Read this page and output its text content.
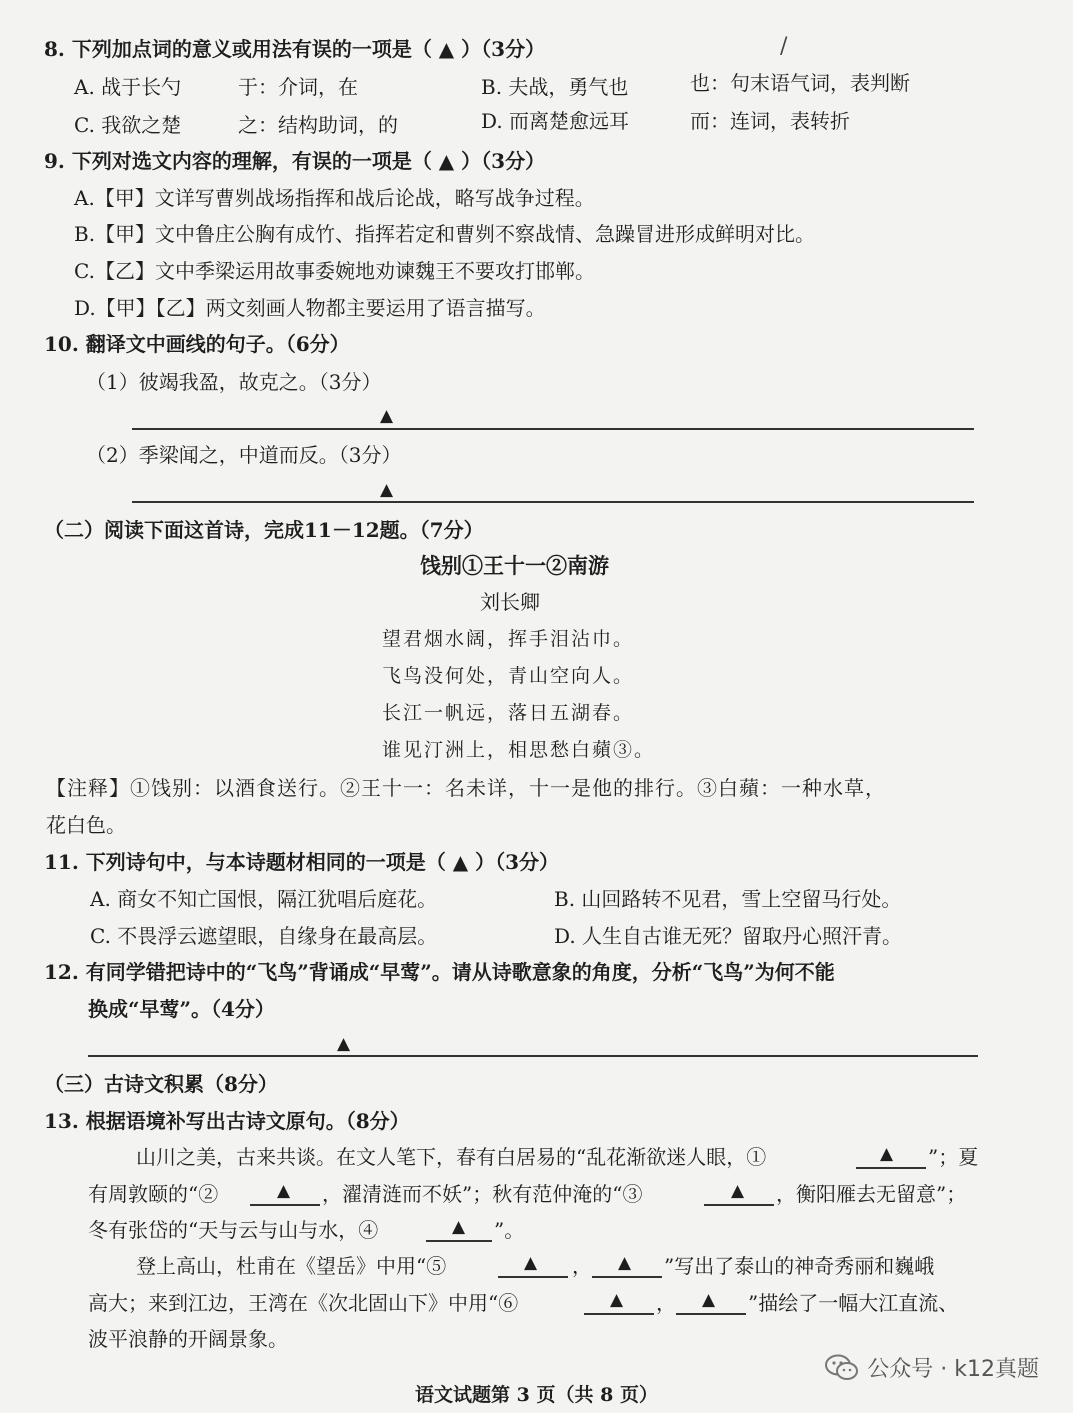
/
8. 下列加点词的意义或用法有误的一项是（ ▲ ）（3分）
A. 战于长勺	于：介词，在	B. 夫战，勇气也	也：句末语气词，表判断
C. 我欲之楚	之：结构助词，的	D. 而离楚愈远耳	而：连词，表转折
9. 下列对选文内容的理解，有误的一项是（ ▲ ）（3分）
A.【甲】文详写曹刿战场指挥和战后论战，略写战争过程。
B.【甲】文中鲁庄公胸有成竹、指挥若定和曹刿不察战情、急躁冒进形成鲜明对比。
C.【乙】文中季梁运用故事委婉地劝谏魏王不要攻打邯郸。
D.【甲】【乙】两文刻画人物都主要运用了语言描写。
10. 翻译文中画线的句子。（6分）
（1）彼竭我盈，故克之。（3分）
▲
（2）季梁闻之，中道而反。（3分）
▲
（二）阅读下面这首诗，完成11－12题。（7分）
饯别①王十一②南游
刘长卿
望君烟水阔，挥手泪沾巾。
飞鸟没何处，青山空向人。
长江一帆远，落日五湖春。
谁见汀洲上，相思愁白蘋③。
【注释】①饯别：以酒食送行。②王十一：名未详，十一是他的排行。③白蘋：一种水草，
花白色。
11. 下列诗句中，与本诗题材相同的一项是（ ▲ ）（3分）
A. 商女不知亡国恨，隔江犹唱后庭花。	B. 山回路转不见君，雪上空留马行处。
C. 不畏浮云遮望眼，自缘身在最高层。	D. 人生自古谁无死？留取丹心照汗青。
12. 有同学错把诗中的“飞鸟”背诵成“早莺”。请从诗歌意象的角度，分析“飞鸟”为何不能
换成“早莺”。（4分）
▲
（三）古诗文积累（8分）
13. 根据语境补写出古诗文原句。（8分）
山川之美，古来共谈。在文人笔下，春有白居易的“乱花渐欲迷人眼，①	▲ ”；夏
有周敦颐的“②	▲ ，濯清涟而不妖”；秋有范仲淹的“③	▲ ，衡阳雁去无留意”；
冬有张岱的“天与云与山与水，④	▲ ”。
登上高山，杜甫在《望岳》中用“⑤	▲ ， ▲ ”写出了泰山的神奇秀丽和巍峨
高大；来到江边，王湾在《次北固山下》中用“⑥	▲ ， ▲ ”描绘了一幅大江直流、
波平浪静的开阔景象。
公众号 · k12真题
语文试题第 3 页（共 8 页）
